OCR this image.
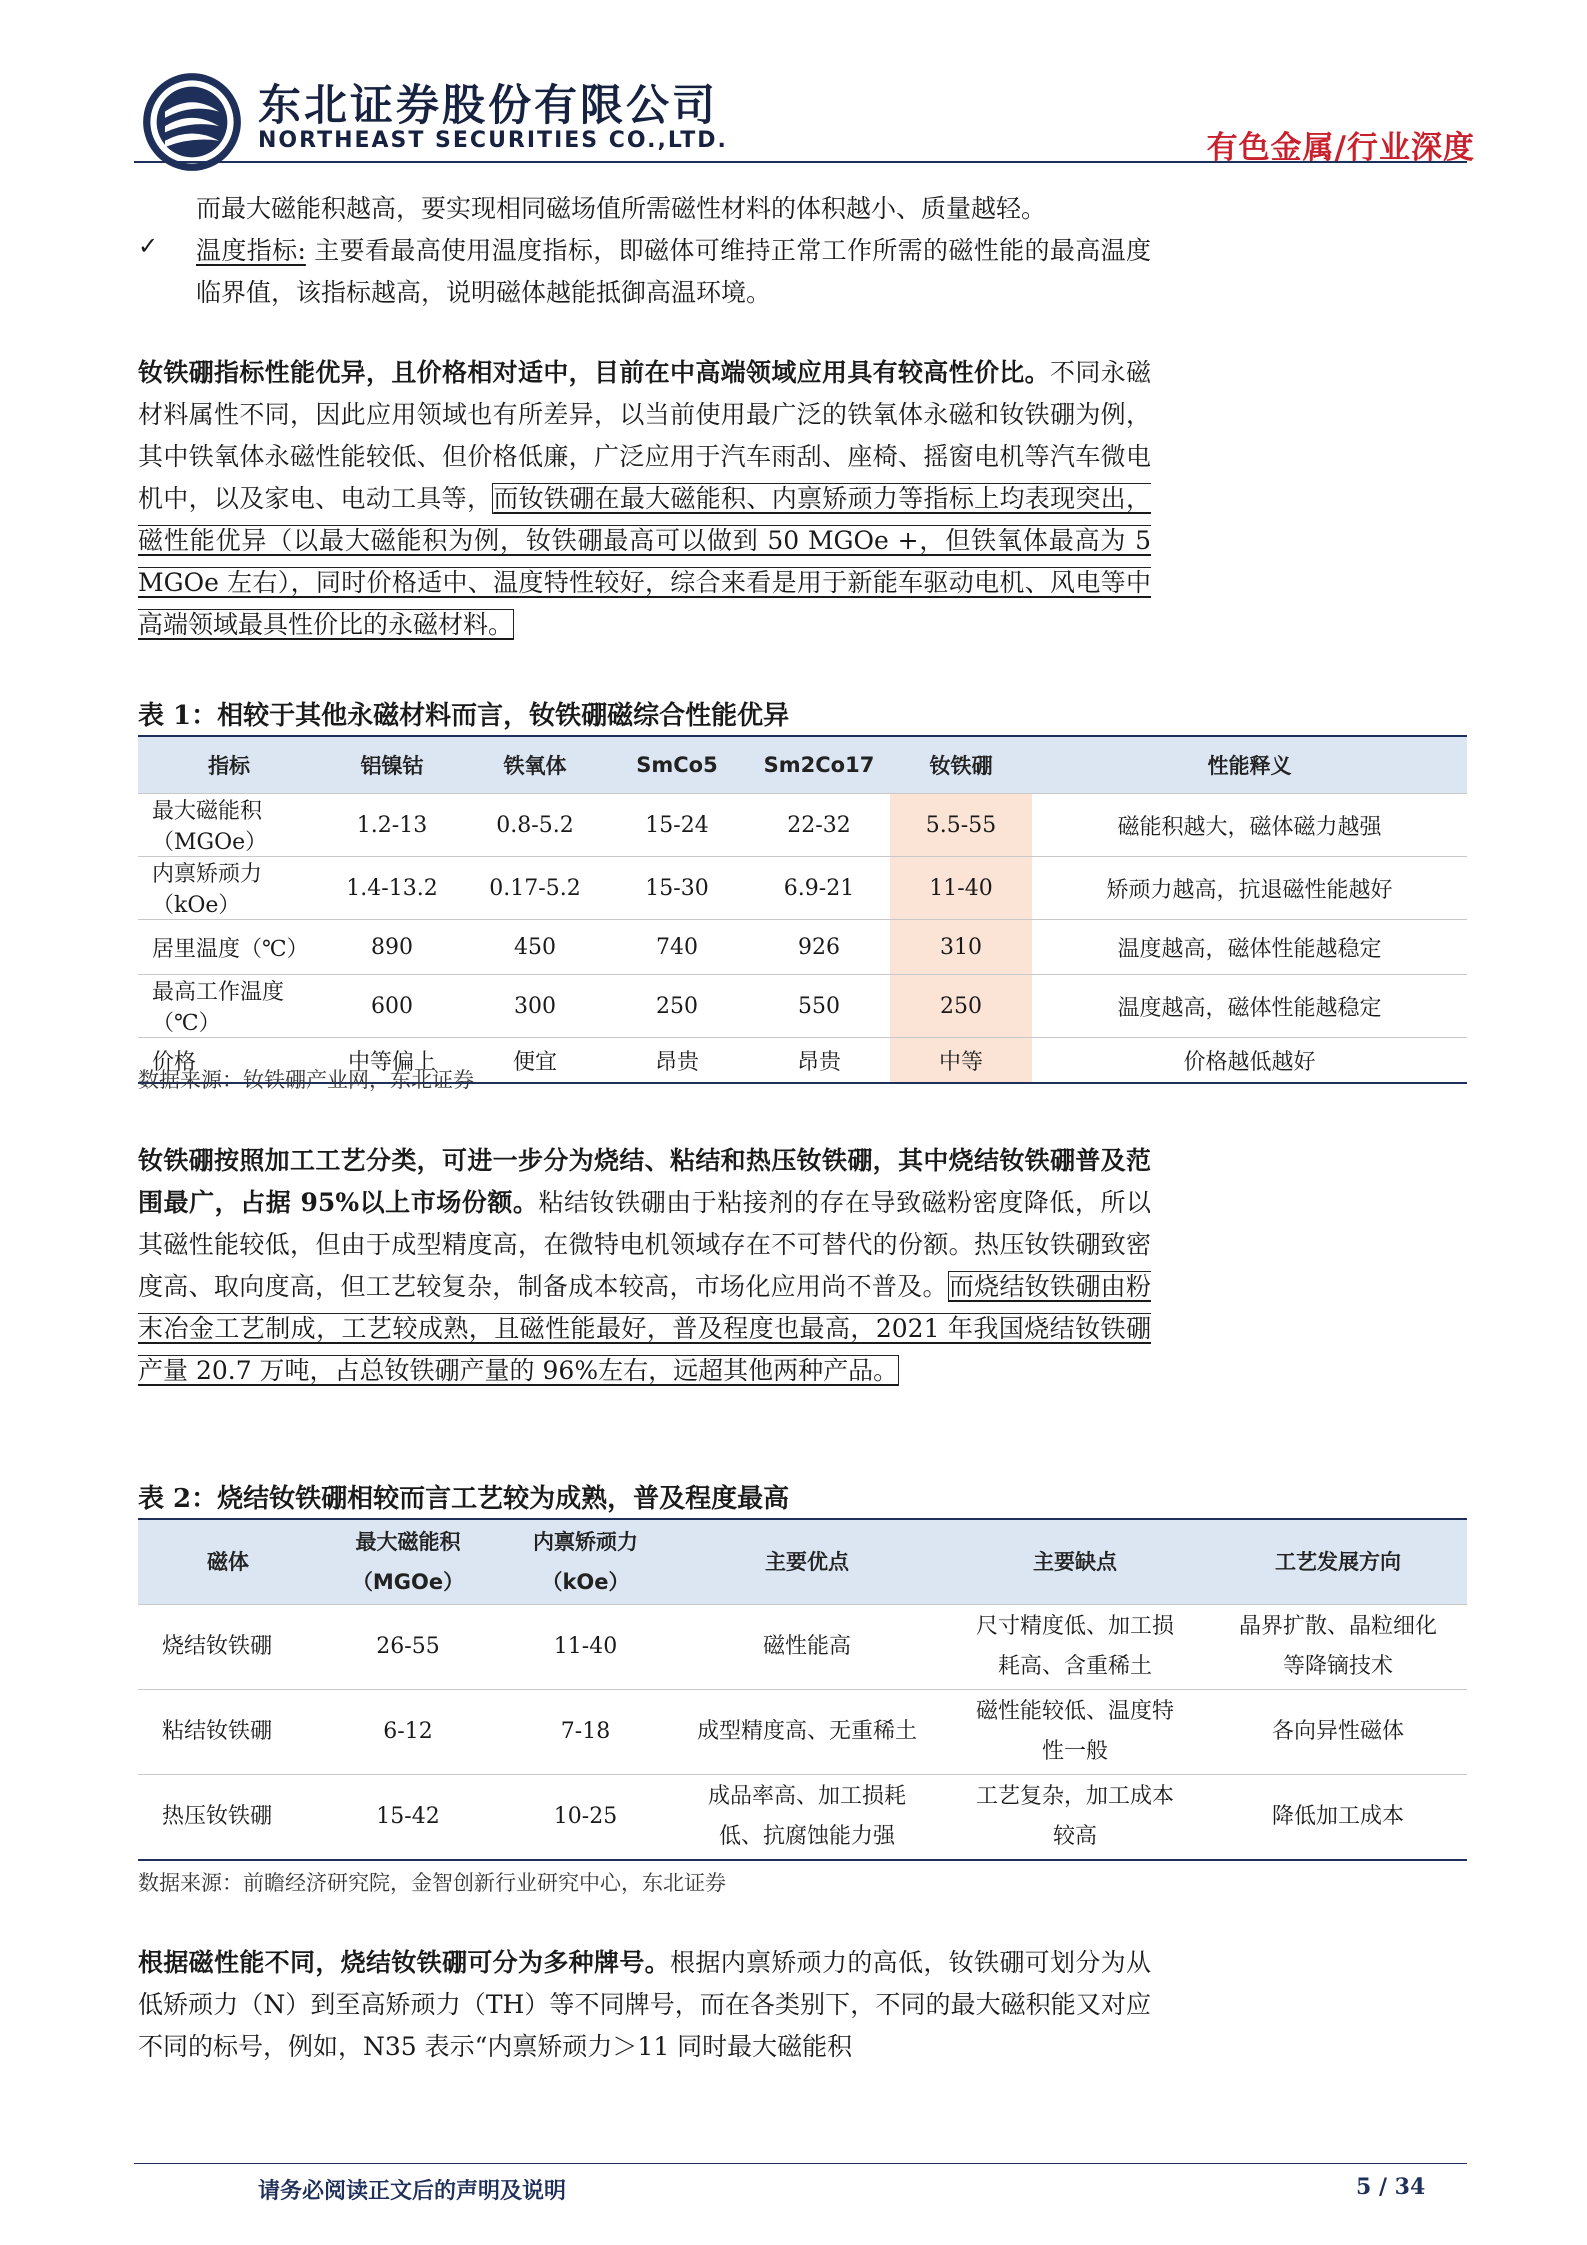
东北证券股份有限公司
NORTHEAST SECURITIES CO.,LTD.	有色金属/行业深度

而最大磁能积越高，要实现相同磁场值所需磁性材料的体积越小、质量越轻。

温度指标: 主要看最高使用温度指标，即磁体可维持正常工作所需的磁性能的最高温度临界值，该指标越高，说明磁体越能抵御高温环境。

✓

钕铁硼指标性能优异，且价格相对适中，目前在中高端领域应用具有较高性价比。不同永磁材料属性不同，因此应用领域也有所差异，以当前使用最广泛的铁氧体永磁和钕铁硼为例，其中铁氧体永磁性能较低、但价格低廉，广泛应用于汽车雨刮、座椅、摇窗电机等汽车微电机中，以及家电、电动工具等，而钕铁硼在最大磁能积、内禀矫顽力等指标上均表现突出，磁性能优异（以最大磁能积为例，钕铁硼最高可以做到 50 MGOe +，但铁氧体最高为 5 MGOe 左右），同时价格适中、温度特性较好，综合来看是用于新能车驱动电机、风电等中高端领域最具性价比的永磁材料。

表 1：相较于其他永磁材料而言，钕铁硼磁综合性能优异
指标	铝镍钴	铁氧体	SmCo5	Sm2Co17	钕铁硼	性能释义
最大磁能积（MGOe）	1.2-13	0.8-5.2	15-24	22-32	5.5-55	磁能积越大，磁体磁力越强
内禀矫顽力（kOe）	1.4-13.2	0.17-5.2	15-30	6.9-21	11-40	矫顽力越高，抗退磁性能越好
居里温度（℃）	890	450	740	926	310	温度越高，磁体性能越稳定
最高工作温度（℃）	600	300	250	550	250	温度越高，磁体性能越稳定
价格	中等偏上	便宜	昂贵	昂贵	中等	价格越低越好
数据来源：钕铁硼产业网，东北证券

钕铁硼按照加工工艺分类，可进一步分为烧结、粘结和热压钕铁硼，其中烧结钕铁硼普及范围最广，占据 95%以上市场份额。粘结钕铁硼由于粘接剂的存在导致磁粉密度降低，所以其磁性能较低，但由于成型精度高，在微特电机领域存在不可替代的份额。热压钕铁硼致密度高、取向度高，但工艺较复杂，制备成本较高，市场化应用尚不普及。而烧结钕铁硼由粉末冶金工艺制成，工艺较成熟，且磁性能最好，普及程度也最高，2021 年我国烧结钕铁硼产量 20.7 万吨，占总钕铁硼产量的 96%左右，远超其他两种产品。

表 2：烧结钕铁硼相较而言工艺较为成熟，普及程度最高
磁体	最大磁能积（MGOe）	内禀矫顽力（kOe）	主要优点	主要缺点	工艺发展方向
烧结钕铁硼	26-55	11-40	磁性能高	尺寸精度低、加工损耗高、含重稀土	晶界扩散、晶粒细化等降镝技术
粘结钕铁硼	6-12	7-18	成型精度高、无重稀土	磁性能较低、温度特性一般	各向异性磁体
热压钕铁硼	15-42	10-25	成品率高、加工损耗低、抗腐蚀能力强	工艺复杂，加工成本较高	降低加工成本
数据来源：前瞻经济研究院，金智创新行业研究中心，东北证券

根据磁性能不同，烧结钕铁硼可分为多种牌号。根据内禀矫顽力的高低，钕铁硼可划分为从低矫顽力（N）到至高矫顽力（TH）等不同牌号，而在各类别下，不同的最大磁积能又对应不同的标号，例如，N35 表示“内禀矫顽力＞11 同时最大磁能积

请务必阅读正文后的声明及说明	5 / 34
